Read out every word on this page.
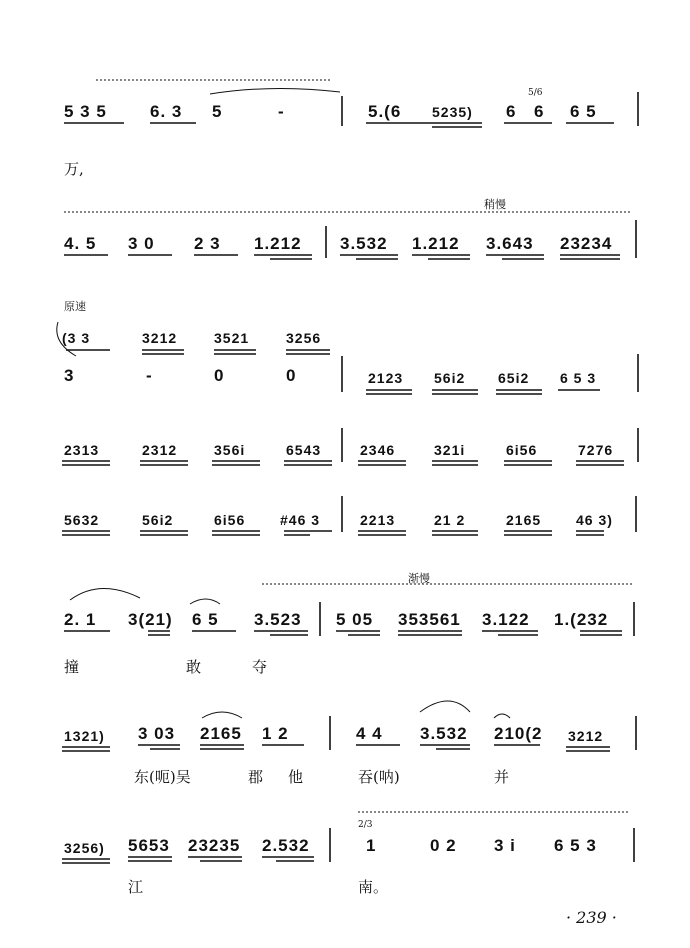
5 3 5	6. 3 5	-	5.(6 5235) 6
5/6
6 6 5
万,
稍慢
4. 5 3 0 2 3 1.212 3.532 1.212 3.643 23234
原速
(3 3	3212	3521	3256
3	-	0	0	2123 56i2 65i2 6 5 3
2313	2312	356i	6543	2346	321i	6i56	7276
5632	56i2	6i56 #46 3	2213	21 2	2165 46 3)
渐慢
2. 1 3(21) 6 5 3.523 5 05 353561 3.122 1.(232
撞	敢	夺
1321) 3 03 2165 1 2	4 4 3.532 210(2 3212
东(呃)吴	郡 他	吞(呐)	并
3256) 5653 23235 2.532
2/3
1	0 2 3 i 6 5 3
江	南。
· 239 ·
